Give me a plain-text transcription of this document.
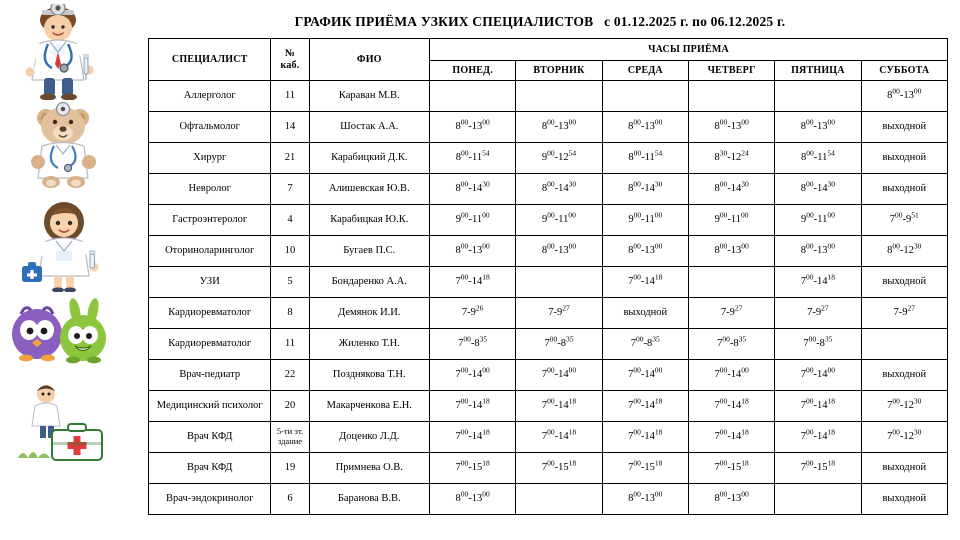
ГРАФИК ПРИЁМА УЗКИХ СПЕЦИАЛИСТОВ с 01.12.2025 г. по 06.12.2025 г.
СПЕЦИАЛИСТ	№
каб.	ФИО	ЧАСЫ ПРИЁМА					
			ПОНЕД.	ВТОРНИК	СРЕДА	ЧЕТВЕРГ	ПЯТНИЦА	СУББОТА
Аллерголог	11	Караван М.В.						$8^{00}-13^{00}$
Офтальмолог	14	Шостак А.А.	$8^{00}-13^{00}$	$8^{00}-13^{00}$	$8^{00}-13^{00}$	$8^{00}-13^{00}$	$8^{00}-13^{00}$	выходной
Хирург	21	Карабицкий Д.К.	$8^{00}-11^{54}$	$9^{00}-12^{54}$	$8^{00}-11^{54}$	$8^{30}-12^{24}$	$8^{00}-11^{54}$	выходной
Невролог	7	Алишевская Ю.В.	$8^{00}-14^{30}$	$8^{00}-14^{30}$	$8^{00}-14^{30}$	$8^{00}-14^{30}$	$8^{00}-14^{30}$	выходной
Гастроэнтеролог	4	Карабицкая Ю.К.	$9^{00}-11^{00}$	$9^{00}-11^{00}$	$9^{00}-11^{00}$	$9^{00}-11^{00}$	$9^{00}-11^{00}$	$7^{00}-9^{51}$
Оториноларинголог	10	Бугаев П.С.	$8^{00}-13^{00}$	$8^{00}-13^{00}$	$8^{00}-13^{00}$	$8^{00}-13^{00}$	$8^{00}-13^{00}$	$8^{00}-12^{30}$
УЗИ	5	Бондаренко А.А.	$7^{00}-14^{18}$		$7^{00}-14^{18}$		$7^{00}-14^{18}$	выходной
Кардиоревматолог	8	Демянок И.И.	$7-9^{26}$	$7-9^{27}$	выходной	$7-9^{27}$	$7-9^{27}$	$7-9^{27}$
Кардиоревматолог	11	Жиленко Т.Н.	$7^{00}-8^{35}$	$7^{00}-8^{35}$	$7^{00}-8^{35}$	$7^{00}-8^{35}$	$7^{00}-8^{35}$	
Врач-педиатр	22	Позднякова Т.Н.	$7^{00}-14^{00}$	$7^{00}-14^{00}$	$7^{00}-14^{00}$	$7^{00}-14^{00}$	$7^{00}-14^{00}$	выходной
Медицинский психолог	20	Макарченкова Е.Н.	$7^{00}-14^{18}$	$7^{00}-14^{18}$	$7^{00}-14^{18}$	$7^{00}-14^{18}$	$7^{00}-14^{18}$	$7^{00}-12^{30}$
Врач КФД	5-ти эт. здание	Доценко Л.Д.	$7^{00}-14^{18}$	$7^{00}-14^{18}$	$7^{00}-14^{18}$	$7^{00}-14^{18}$	$7^{00}-14^{18}$	$7^{00}-12^{30}$
Врач КФД	19	Примнева О.В.	$7^{00}-15^{18}$	$7^{00}-15^{18}$	$7^{00}-15^{18}$	$7^{00}-15^{18}$	$7^{00}-15^{18}$	выходной
Врач-эндокринолог	6	Баранова В.В.	$8^{00}-13^{00}$		$8^{00}-13^{00}$	$8^{00}-13^{00}$		выходной
